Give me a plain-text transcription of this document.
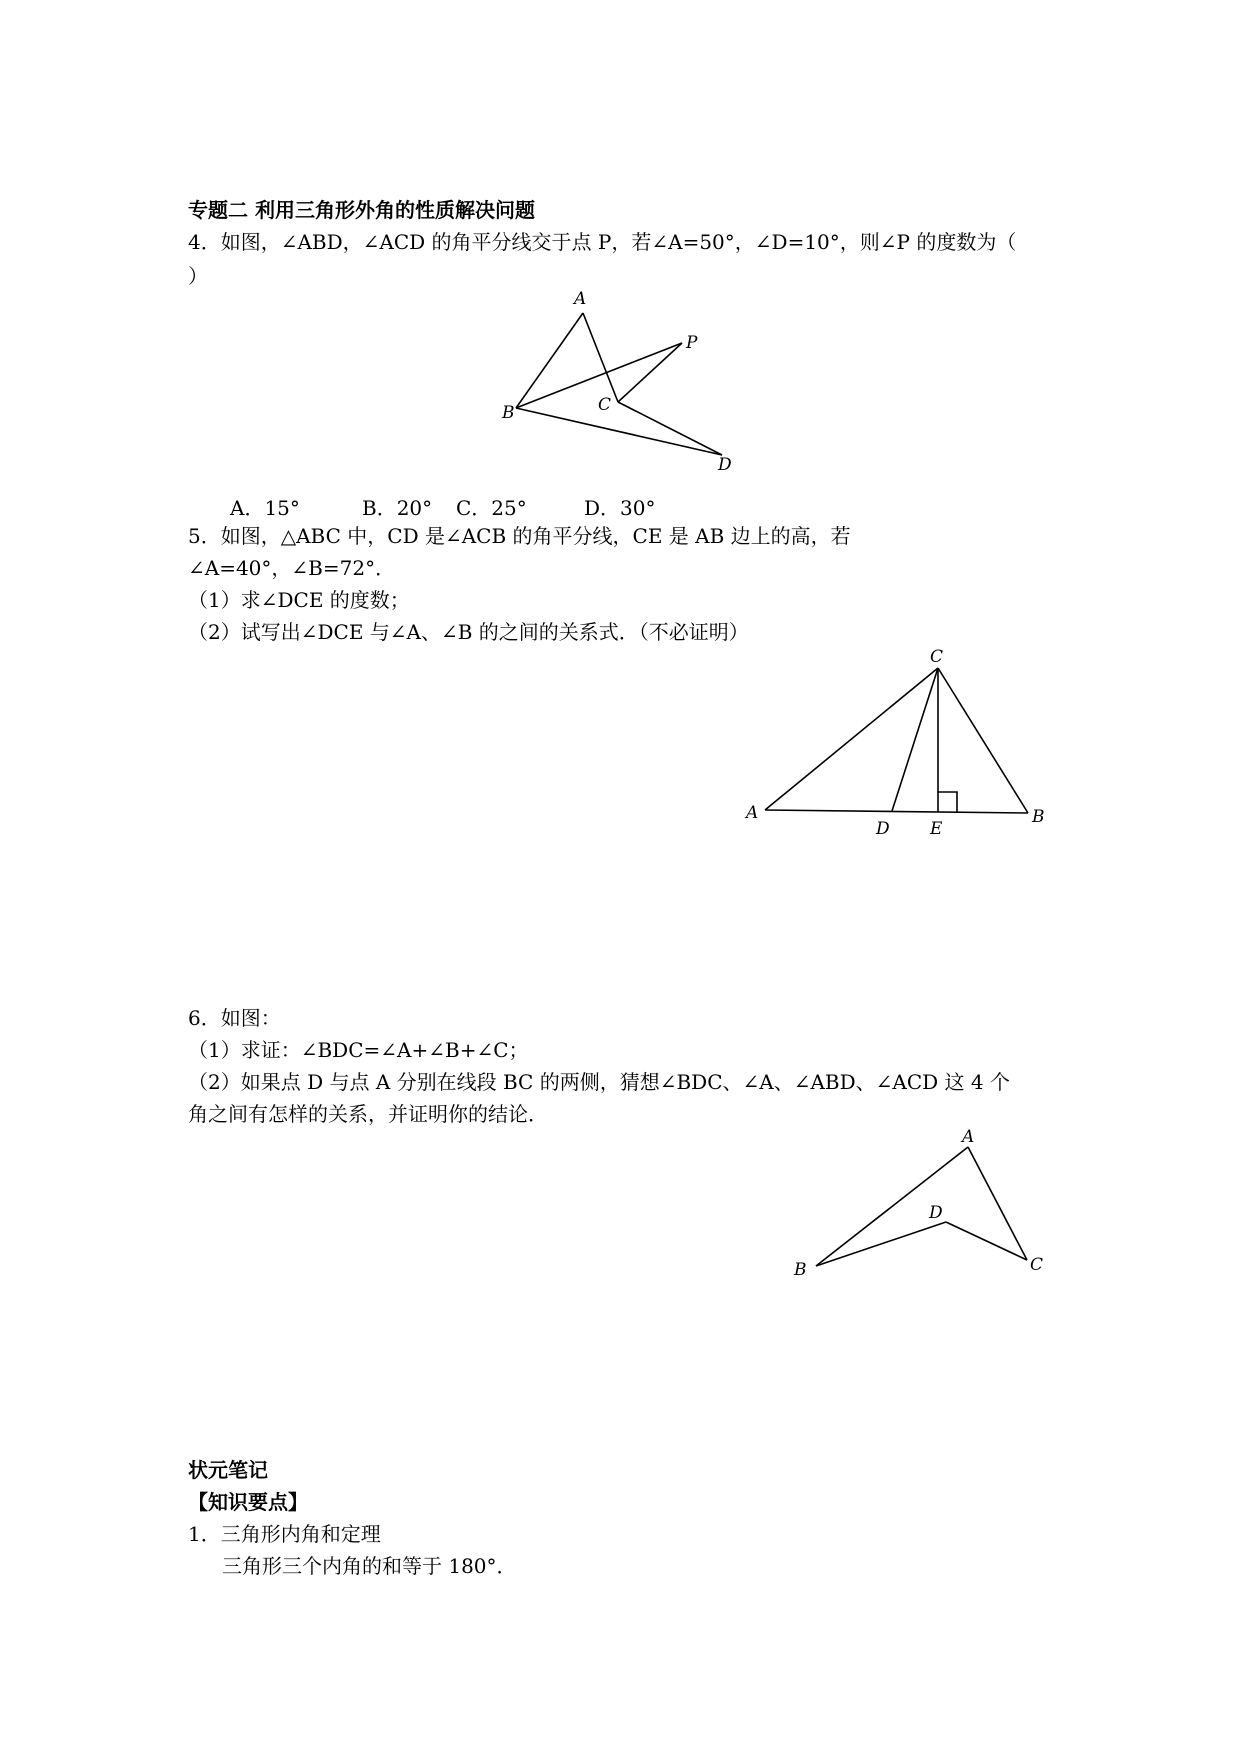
专题二 利用三角形外角的性质解决问题
4．如图，∠ABD，∠ACD 的角平分线交于点 P，若∠A=50°，∠D=10°，则∠P 的度数为（
）
A
P
B	C
D
A．15°	B．20° C．25°	D．30°
5．如图，△ABC 中，CD 是∠ACB 的角平分线，CE 是 AB 边上的高，若
∠A=40°，∠B=72°．
（1）求∠DCE 的度数；
（2）试写出∠DCE 与∠A、∠B 的之间的关系式．（不必证明）
C
A
D E
B
6．如图：
（1）求证：∠BDC=∠A+∠B+∠C；
（2）如果点 D 与点 A 分别在线段 BC 的两侧，猜想∠BDC、∠A、∠ABD、∠ACD 这 4 个
角之间有怎样的关系，并证明你的结论．
A
D
B	C
状元笔记
【知识要点】
1．三角形内角和定理
三角形三个内角的和等于 180°．
